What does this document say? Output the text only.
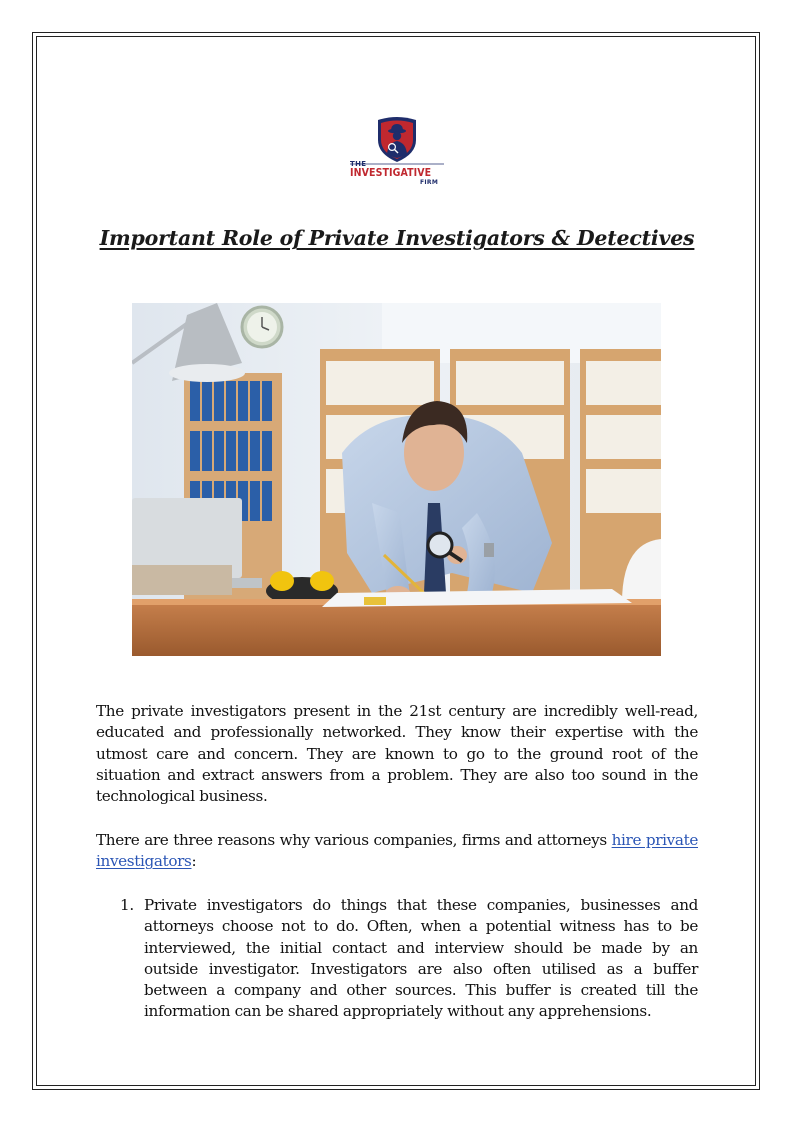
THE
INVESTIGATIVE
FIRM
Important Role of Private Investigators & Detectives
The private investigators present in the 21st century are incredibly well-read, educated and professionally networked. They know their expertise with the utmost care and concern. They are known to go to the ground root of the situation and extract answers from a problem. They are also too sound in the technological business.
There are three reasons why various companies, firms and attorneys hire private investigators:
1. Private investigators do things that these companies, businesses and attorneys choose not to do. Often, when a potential witness has to be interviewed, the initial contact and interview should be made by an outside investigator. Investigators are also often utilised as a buffer between a company and other sources. This buffer is created till the information can be shared appropriately without any apprehensions.
